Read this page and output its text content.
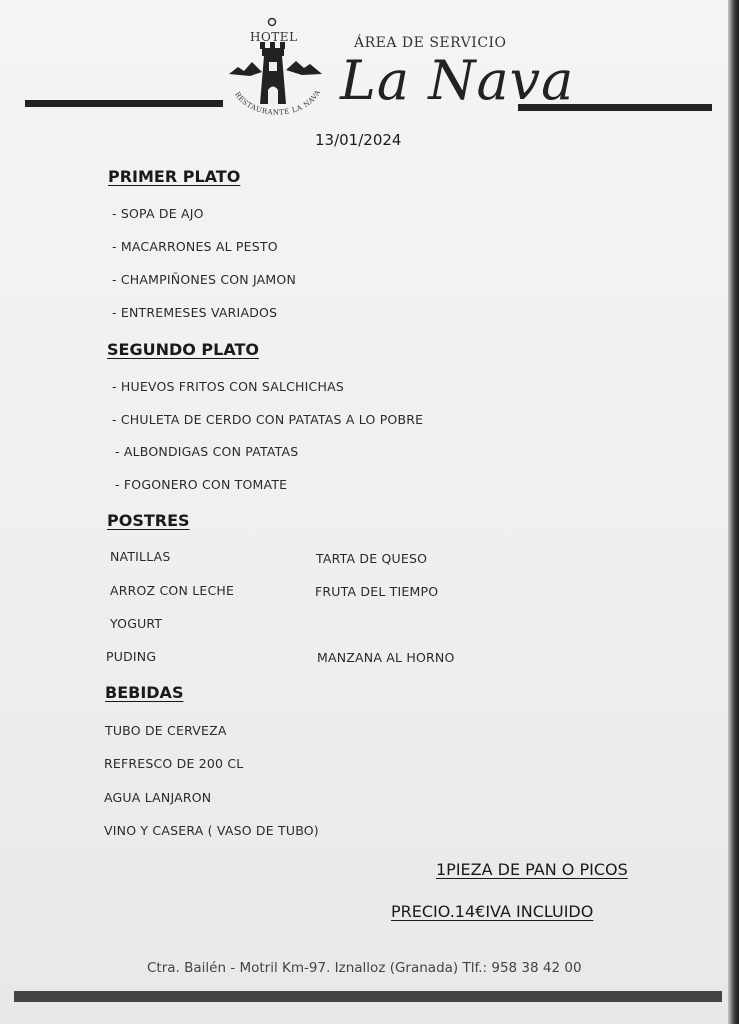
RESTAURANTE LA NAVA
HOTEL	ÁREA DE SERVICIO
La Nava
13/01/2024
PRIMER PLATO
- SOPA DE AJO
- MACARRONES AL PESTO
- CHAMPIÑONES CON JAMON
- ENTREMESES VARIADOS
SEGUNDO PLATO
- HUEVOS FRITOS CON SALCHICHAS
- CHULETA DE CERDO CON PATATAS A LO POBRE
- ALBONDIGAS CON PATATAS
- FOGONERO CON TOMATE
POSTRES
NATILLAS
ARROZ CON LECHE
YOGURT
PUDING
TARTA DE QUESO
FRUTA DEL TIEMPO
MANZANA AL HORNO
BEBIDAS
TUBO DE CERVEZA
REFRESCO DE 200 CL
AGUA LANJARON
VINO Y CASERA ( VASO DE TUBO)
1PIEZA DE PAN O PICOS
PRECIO.14€IVA INCLUIDO
Ctra. Bailén - Motril Km-97. Iznalloz (Granada) Tlf.: 958 38 42 00
